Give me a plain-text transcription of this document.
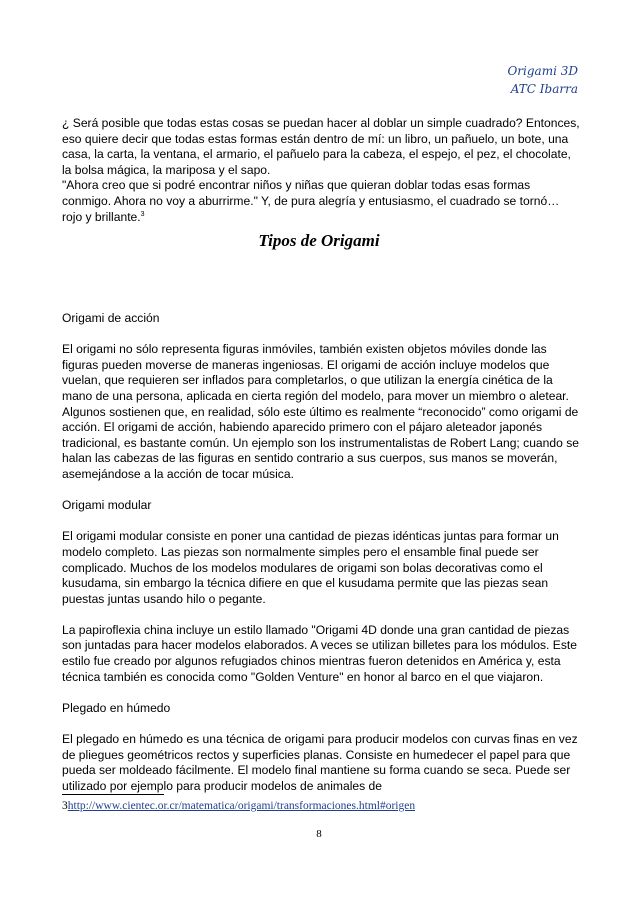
Origami 3D
ATC Ibarra

¿ Será posible que todas estas cosas se puedan hacer al doblar un simple cuadrado? Entonces, eso quiere decir que todas estas formas están dentro de mí: un libro, un pañuelo, un bote, una casa, la carta, la ventana, el armario, el pañuelo para la cabeza, el espejo, el pez, el chocolate, la bolsa mágica, la mariposa y el sapo.

"Ahora creo que si podré encontrar niños y niñas que quieran doblar todas esas formas conmigo. Ahora no voy a aburrirme." Y, de pura alegría y entusiasmo, el cuadrado se tornó… rojo y brillante.$^3$

Tipos de Origami

Origami de acción

El origami no sólo representa figuras inmóviles, también existen objetos móviles donde las figuras pueden moverse de maneras ingeniosas. El origami de acción incluye modelos que vuelan, que requieren ser inflados para completarlos, o que utilizan la energía cinética de la mano de una persona, aplicada en cierta región del modelo, para mover un miembro o aletear. Algunos sostienen que, en realidad, sólo este último es realmente “reconocido” como origami de acción. El origami de acción, habiendo aparecido primero con el pájaro aleteador japonés tradicional, es bastante común. Un ejemplo son los instrumentalistas de Robert Lang; cuando se halan las cabezas de las figuras en sentido contrario a sus cuerpos, sus manos se moverán, asemejándose a la acción de tocar música.

Origami modular

El origami modular consiste en poner una cantidad de piezas idénticas juntas para formar un modelo completo. Las piezas son normalmente simples pero el ensamble final puede ser complicado. Muchos de los modelos modulares de origami son bolas decorativas como el kusudama, sin embargo la técnica difiere en que el kusudama permite que las piezas sean puestas juntas usando hilo o pegante.

La papiroflexia china incluye un estilo llamado "Origami 4D donde una gran cantidad de piezas son juntadas para hacer modelos elaborados. A veces se utilizan billetes para los módulos. Este estilo fue creado por algunos refugiados chinos mientras fueron detenidos en América y, esta técnica también es conocida como "Golden Venture" en honor al barco en el que viajaron.

Plegado en húmedo

El plegado en húmedo es una técnica de origami para producir modelos con curvas finas en vez de pliegues geométricos rectos y superficies planas. Consiste en humedecer el papel para que pueda ser moldeado fácilmente. El modelo final mantiene su forma cuando se seca. Puede ser utilizado por ejemplo para producir modelos de animales de

3http://www.cientec.or.cr/matematica/origami/transformaciones.html#origen
8
